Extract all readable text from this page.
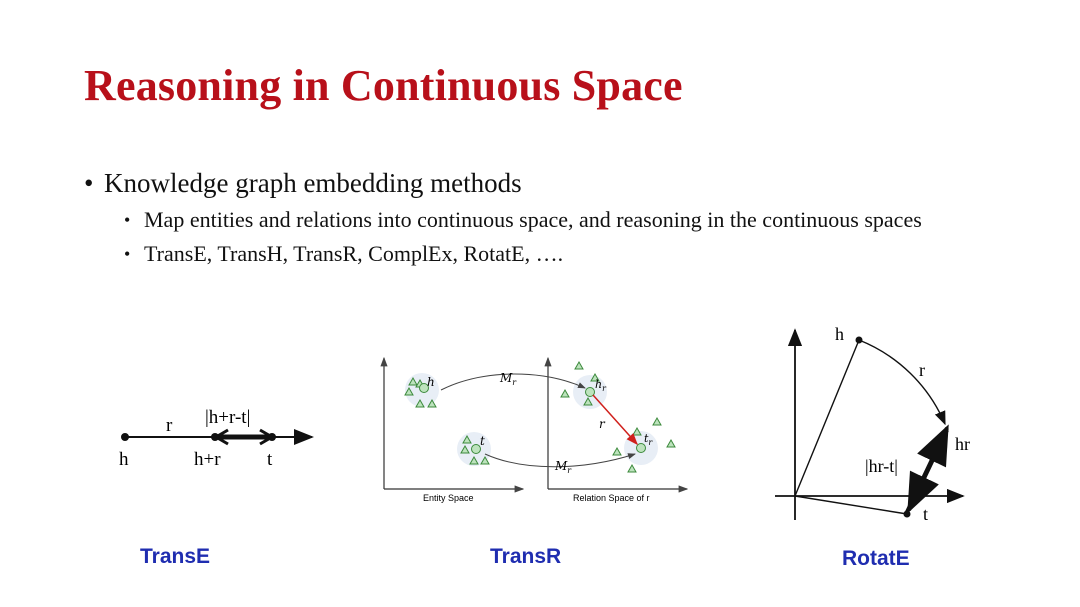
Reasoning in Continuous Space
• Knowledge graph embedding methods
• Map entities and relations into continuous space, and reasoning in the continuous spaces
• TransE, TransH, TransR, ComplEx, RotatE, ….
h
r
h+r t
|h+r-t|

TransE

$M_r$
$M_r$
h
t
$h_r$
$t_r$
r
Entity Space	Relation Space of r

TransR

h
r
hr
t
|hr-t|

RotatE
